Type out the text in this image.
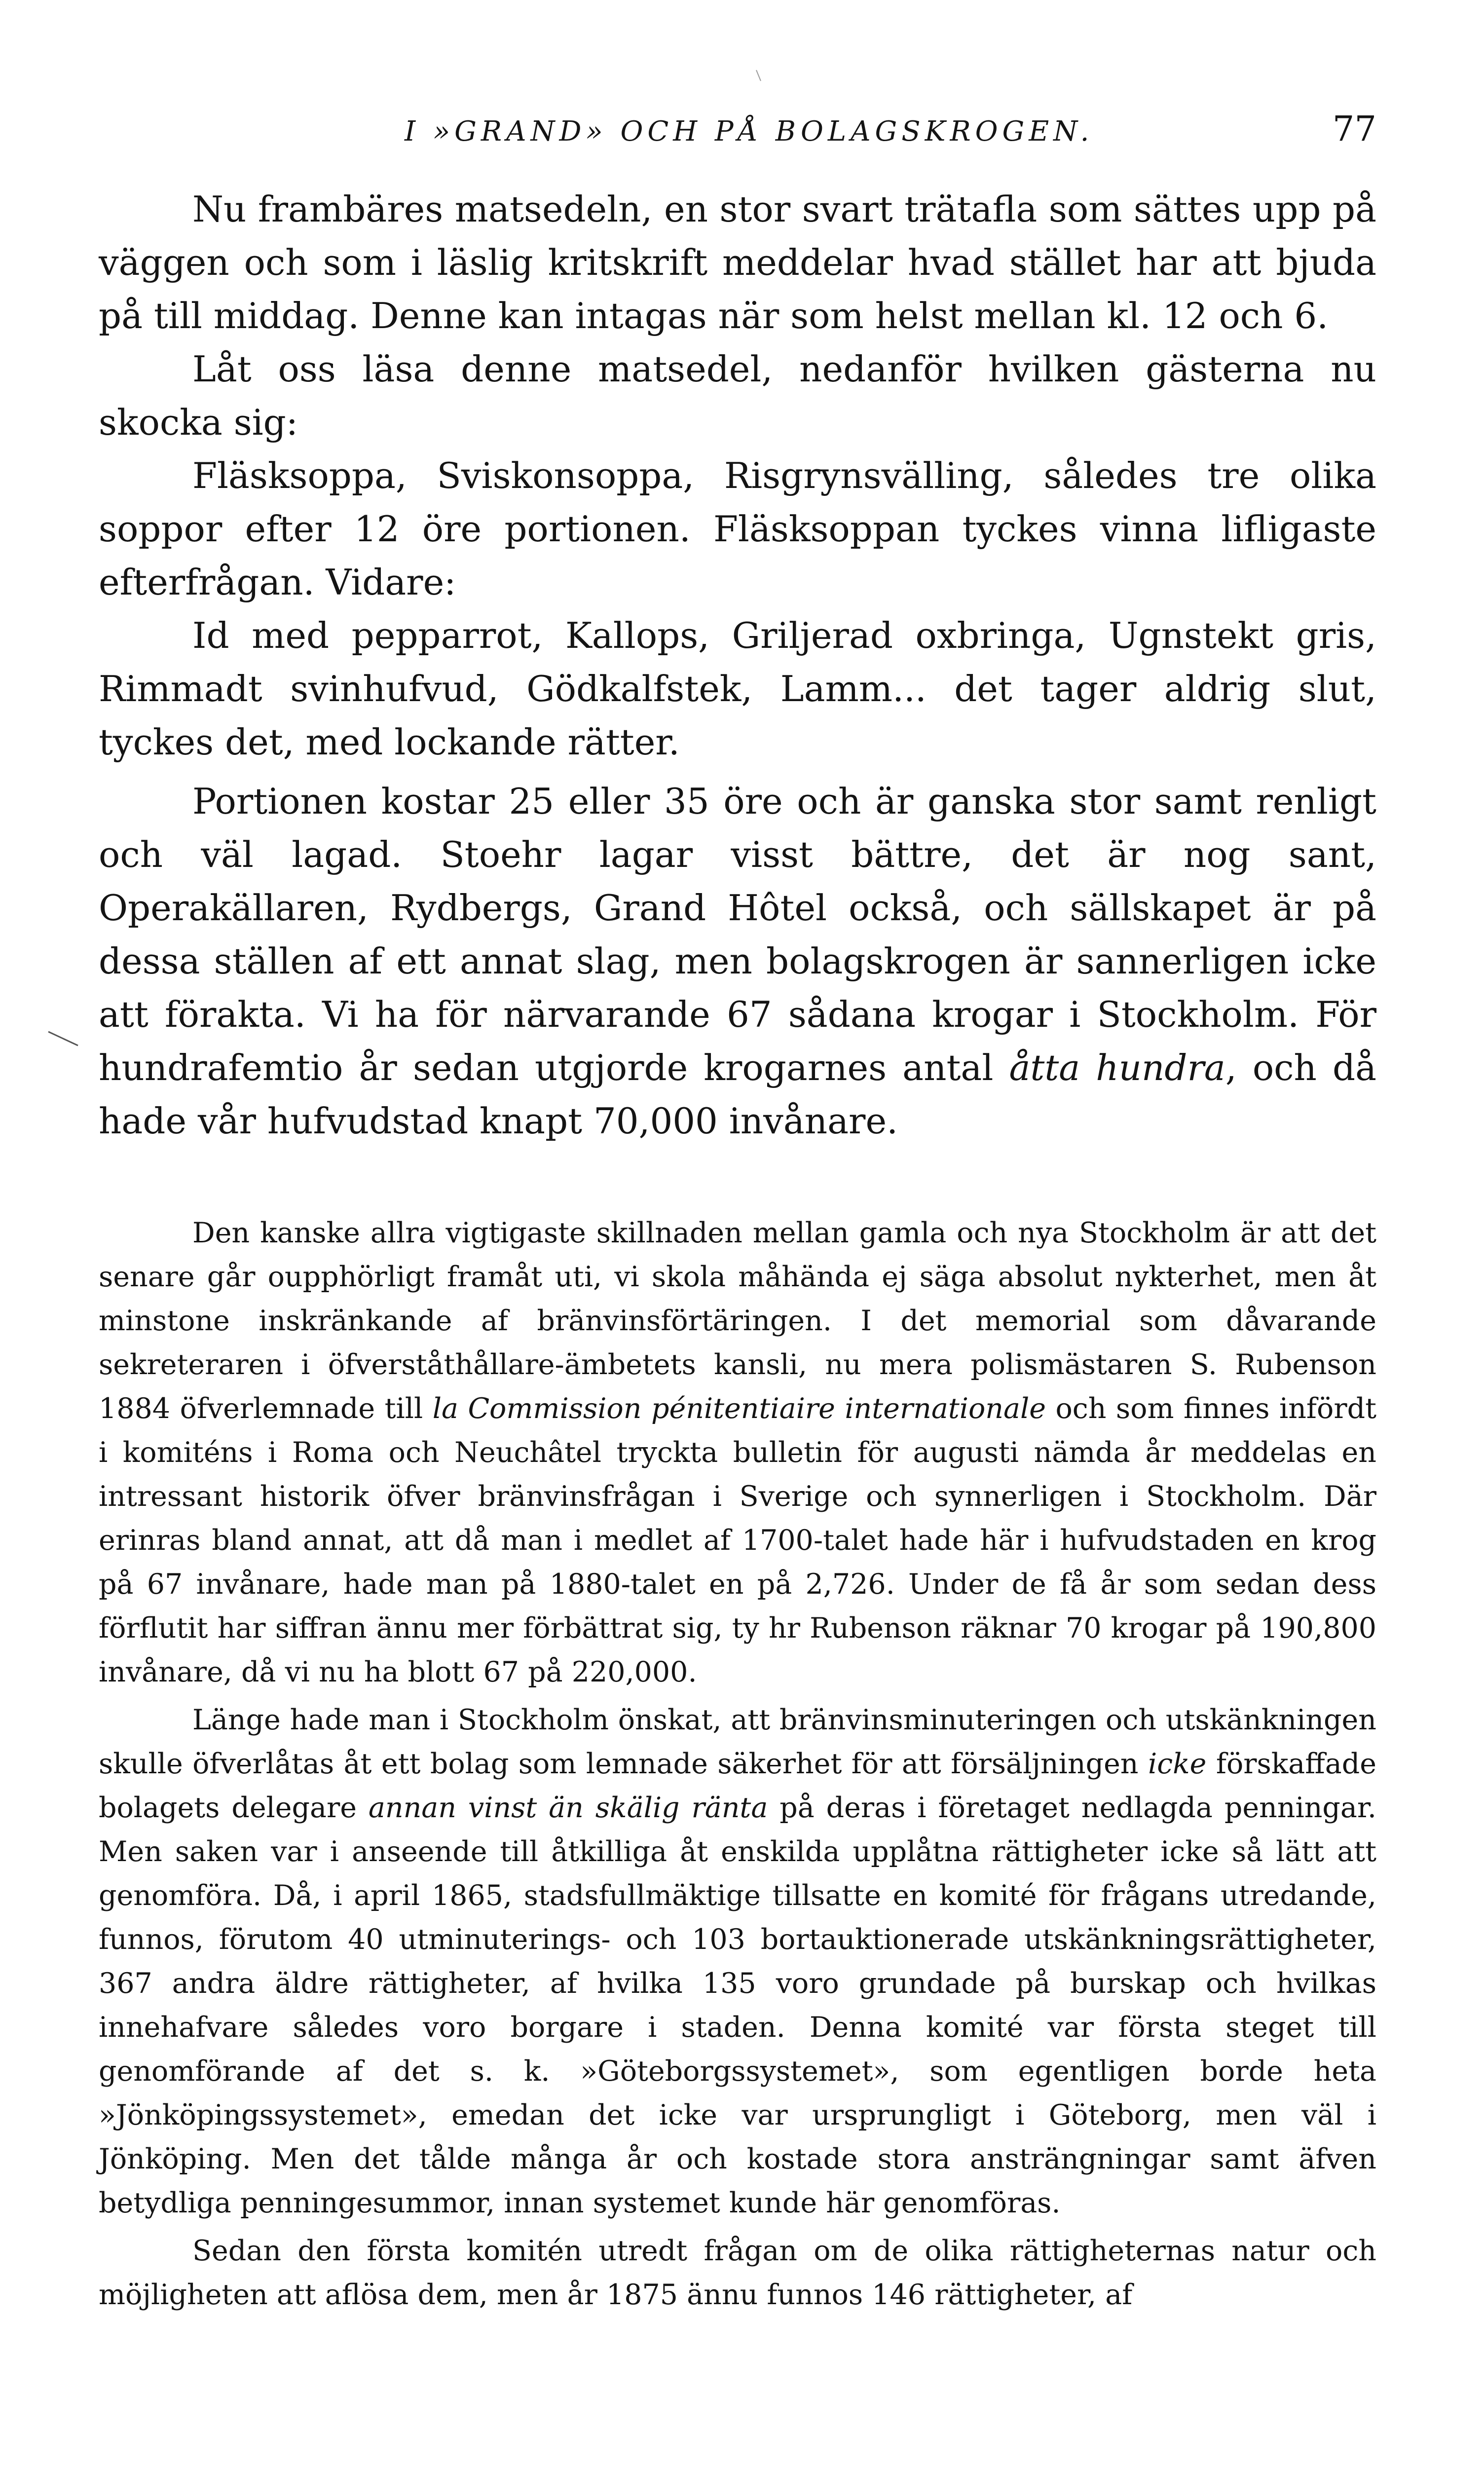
I »GRAND» OCH PÅ BOLAGSKROGEN.	77

Nu frambäres matsedeln, en stor svart trätafla som sättes upp på väggen och som i läslig kritskrift meddelar hvad stället har att bjuda på till middag. Denne kan intagas när som helst mellan kl. 12 och 6.

Låt oss läsa denne matsedel, nedanför hvilken gästerna nu skocka sig:

Fläsksoppa, Sviskonsoppa, Risgrynsvälling, således tre olika soppor efter 12 öre portionen. Fläsksoppan tyckes vinna lifligaste efterfrågan. Vidare:

Id med pepparrot, Kallops, Griljerad oxbringa, Ugnstekt gris, Rimmadt svinhufvud, Gödkalfstek, Lamm... det tager aldrig slut, tyckes det, med lockande rätter.

Portionen kostar 25 eller 35 öre och är ganska stor samt renligt och väl lagad. Stoehr lagar visst bättre, det är nog sant, Operakällaren, Rydbergs, Grand Hôtel också, och sällskapet är på dessa ställen af ett annat slag, men bolagskrogen är sannerligen icke att förakta. Vi ha för närvarande 67 sådana krogar i Stockholm. För hundrafemtio år sedan utgjorde krogarnes antal åtta hundra, och då hade vår hufvudstad knapt 70,000 invånare.

Den kanske allra vigtigaste skillnaden mellan gamla och nya Stockholm är att det senare går oupphörligt framåt uti, vi skola måhända ej säga absolut nykterhet, men åt minstone inskränkande af bränvinsförtäringen. I det memorial som dåvarande sekreteraren i öfverståthållare-ämbetets kansli, nu mera polismästaren S. Rubenson 1884 öfverlemnade till la Commission pénitentiaire internationale och som finnes infördt i komiténs i Roma och Neuchâtel tryckta bulletin för augusti nämda år meddelas en intressant historik öfver bränvinsfrågan i Sverige och synnerligen i Stockholm. Där erinras bland annat, att då man i medlet af 1700-talet hade här i hufvudstaden en krog på 67 invånare, hade man på 1880-talet en på 2,726. Under de få år som sedan dess förflutit har siffran ännu mer förbättrat sig, ty hr Rubenson räknar 70 krogar på 190,800 invånare, då vi nu ha blott 67 på 220,000.

Länge hade man i Stockholm önskat, att bränvinsminuteringen och utskänkningen skulle öfverlåtas åt ett bolag som lemnade säkerhet för att försäljningen icke förskaffade bolagets delegare annan vinst än skälig ränta på deras i företaget nedlagda penningar. Men saken var i anseende till åtkilliga åt enskilda upplåtna rättigheter icke så lätt att genomföra. Då, i april 1865, stadsfullmäktige tillsatte en komité för frågans utredande, funnos, förutom 40 utminuterings- och 103 bortauktionerade utskänkningsrättigheter, 367 andra äldre rättigheter, af hvilka 135 voro grundade på burskap och hvilkas innehafvare således voro borgare i staden. Denna komité var första steget till genomförande af det s. k. »Göteborgssystemet», som egentligen borde heta »Jönköpingssystemet», emedan det icke var ursprungligt i Göteborg, men väl i Jönköping. Men det tålde många år och kostade stora ansträngningar samt äfven betydliga penningesummor, innan systemet kunde här genomföras.

Sedan den första komitén utredt frågan om de olika rättigheternas natur och möjligheten att aflösa dem, men år 1875 ännu funnos 146 rättigheter, af
